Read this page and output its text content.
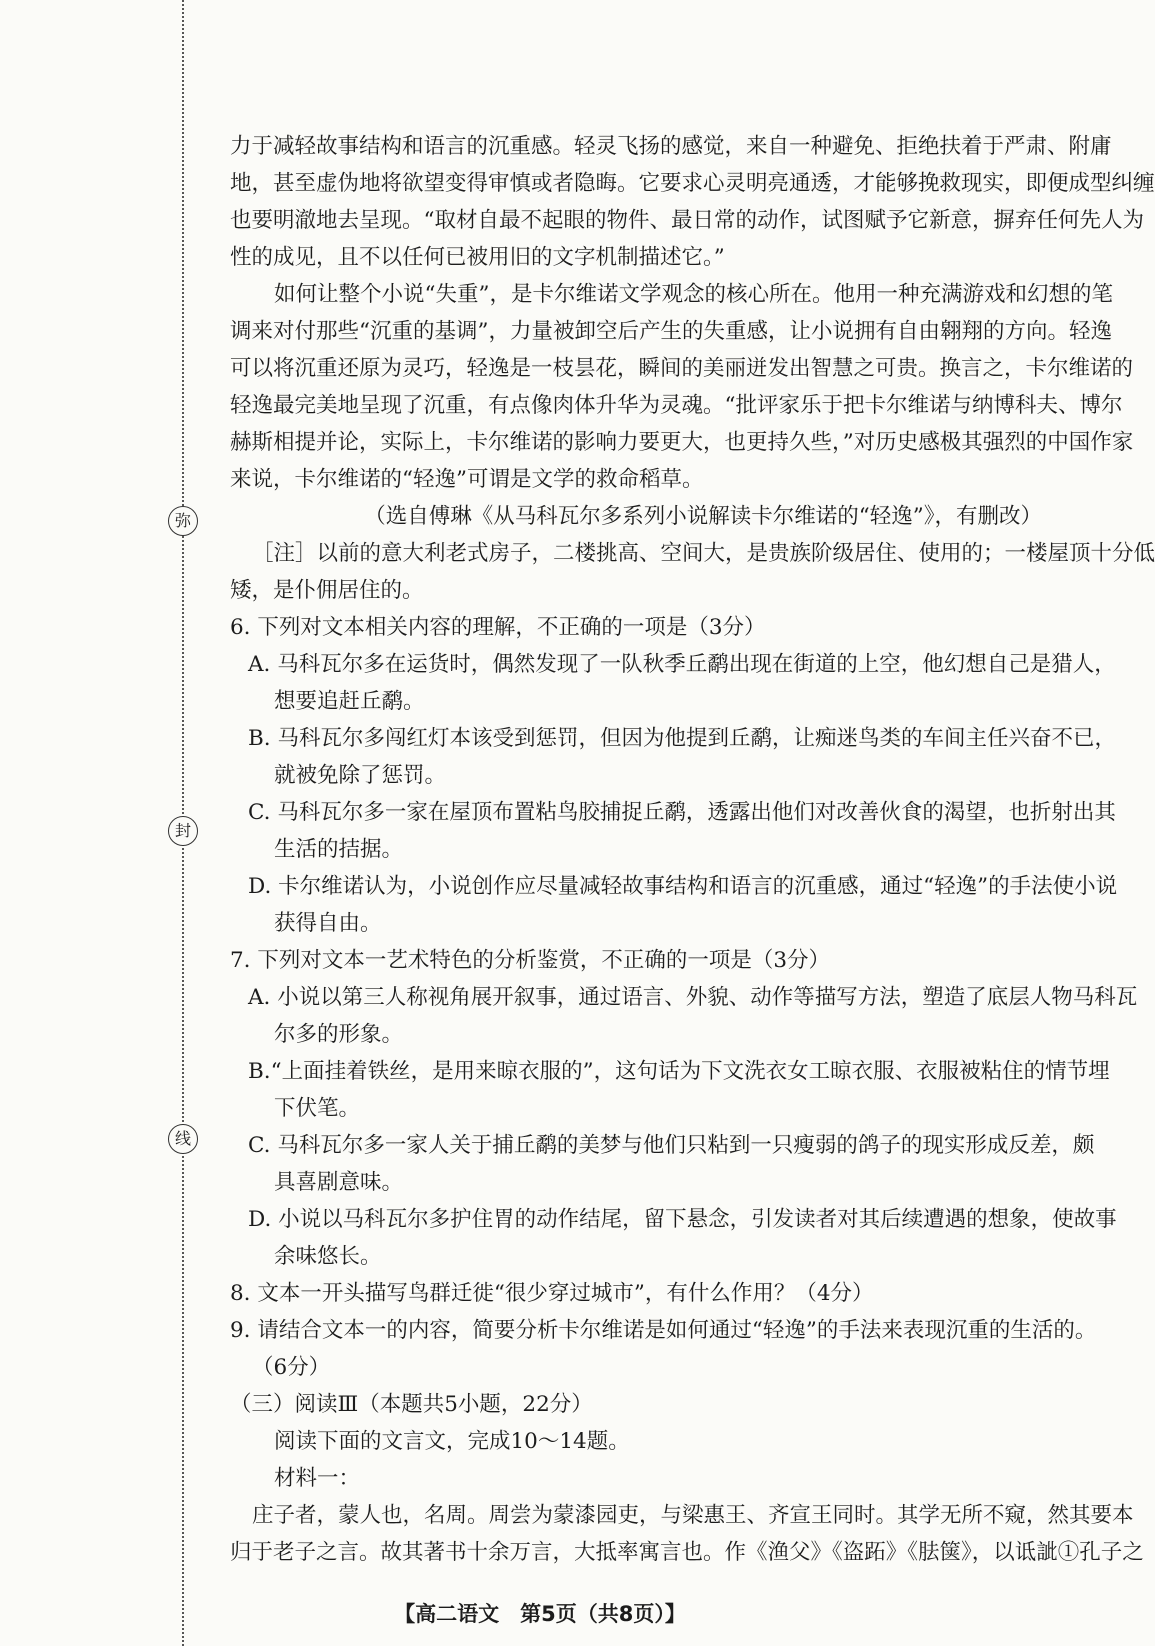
弥
封
线
力于减轻故事结构和语言的沉重感。轻灵飞扬的感觉，来自一种避免、拒绝扶着于严肃、附庸
地，甚至虚伪地将欲望变得审慎或者隐晦。它要求心灵明亮通透，才能够挽救现实，即便成型纠缠
也要明澈地去呈现。“取材自最不起眼的物件、最日常的动作，试图赋予它新意，摒弃任何先人为
性的成见，且不以任何已被用旧的文字机制描述它。”
如何让整个小说“失重”，是卡尔维诺文学观念的核心所在。他用一种充满游戏和幻想的笔
调来对付那些“沉重的基调”，力量被卸空后产生的失重感，让小说拥有自由翱翔的方向。轻逸
可以将沉重还原为灵巧，轻逸是一枝昙花，瞬间的美丽迸发出智慧之可贵。换言之，卡尔维诺的
轻逸最完美地呈现了沉重，有点像肉体升华为灵魂。“批评家乐于把卡尔维诺与纳博科夫、博尔
赫斯相提并论，实际上，卡尔维诺的影响力要更大，也更持久些，”对历史感极其强烈的中国作家
来说，卡尔维诺的“轻逸”可谓是文学的救命稻草。
（选自傅琳《从马科瓦尔多系列小说解读卡尔维诺的“轻逸”》，有删改）
［注］以前的意大利老式房子，二楼挑高、空间大，是贵族阶级居住、使用的；一楼屋顶十分低
矮，是仆佣居住的。
6. 下列对文本相关内容的理解，不正确的一项是（3分）
A. 马科瓦尔多在运货时，偶然发现了一队秋季丘鹬出现在街道的上空，他幻想自己是猎人，
想要追赶丘鹬。
B. 马科瓦尔多闯红灯本该受到惩罚，但因为他提到丘鹬，让痴迷鸟类的车间主任兴奋不已，
就被免除了惩罚。
C. 马科瓦尔多一家在屋顶布置粘鸟胶捕捉丘鹬，透露出他们对改善伙食的渴望，也折射出其
生活的拮据。
D. 卡尔维诺认为，小说创作应尽量减轻故事结构和语言的沉重感，通过“轻逸”的手法使小说
获得自由。
7. 下列对文本一艺术特色的分析鉴赏，不正确的一项是（3分）
A. 小说以第三人称视角展开叙事，通过语言、外貌、动作等描写方法，塑造了底层人物马科瓦
尔多的形象。
B.“上面挂着铁丝，是用来晾衣服的”，这句话为下文洗衣女工晾衣服、衣服被粘住的情节埋
下伏笔。
C. 马科瓦尔多一家人关于捕丘鹬的美梦与他们只粘到一只瘦弱的鸽子的现实形成反差，颇
具喜剧意味。
D. 小说以马科瓦尔多护住胃的动作结尾，留下悬念，引发读者对其后续遭遇的想象，使故事
余味悠长。
8. 文本一开头描写鸟群迁徙“很少穿过城市”，有什么作用？（4分）
9. 请结合文本一的内容，简要分析卡尔维诺是如何通过“轻逸”的手法来表现沉重的生活的。
（6分）
（三）阅读Ⅲ（本题共5小题，22分）
阅读下面的文言文，完成10～14题。
材料一：
庄子者，蒙人也，名周。周尝为蒙漆园吏，与梁惠王、齐宣王同时。其学无所不窥，然其要本
归于老子之言。故其著书十余万言，大抵率寓言也。作《渔父》《盗跖》《胠箧》，以诋訿①孔子之
【高二语文　第5页（共8页）】
